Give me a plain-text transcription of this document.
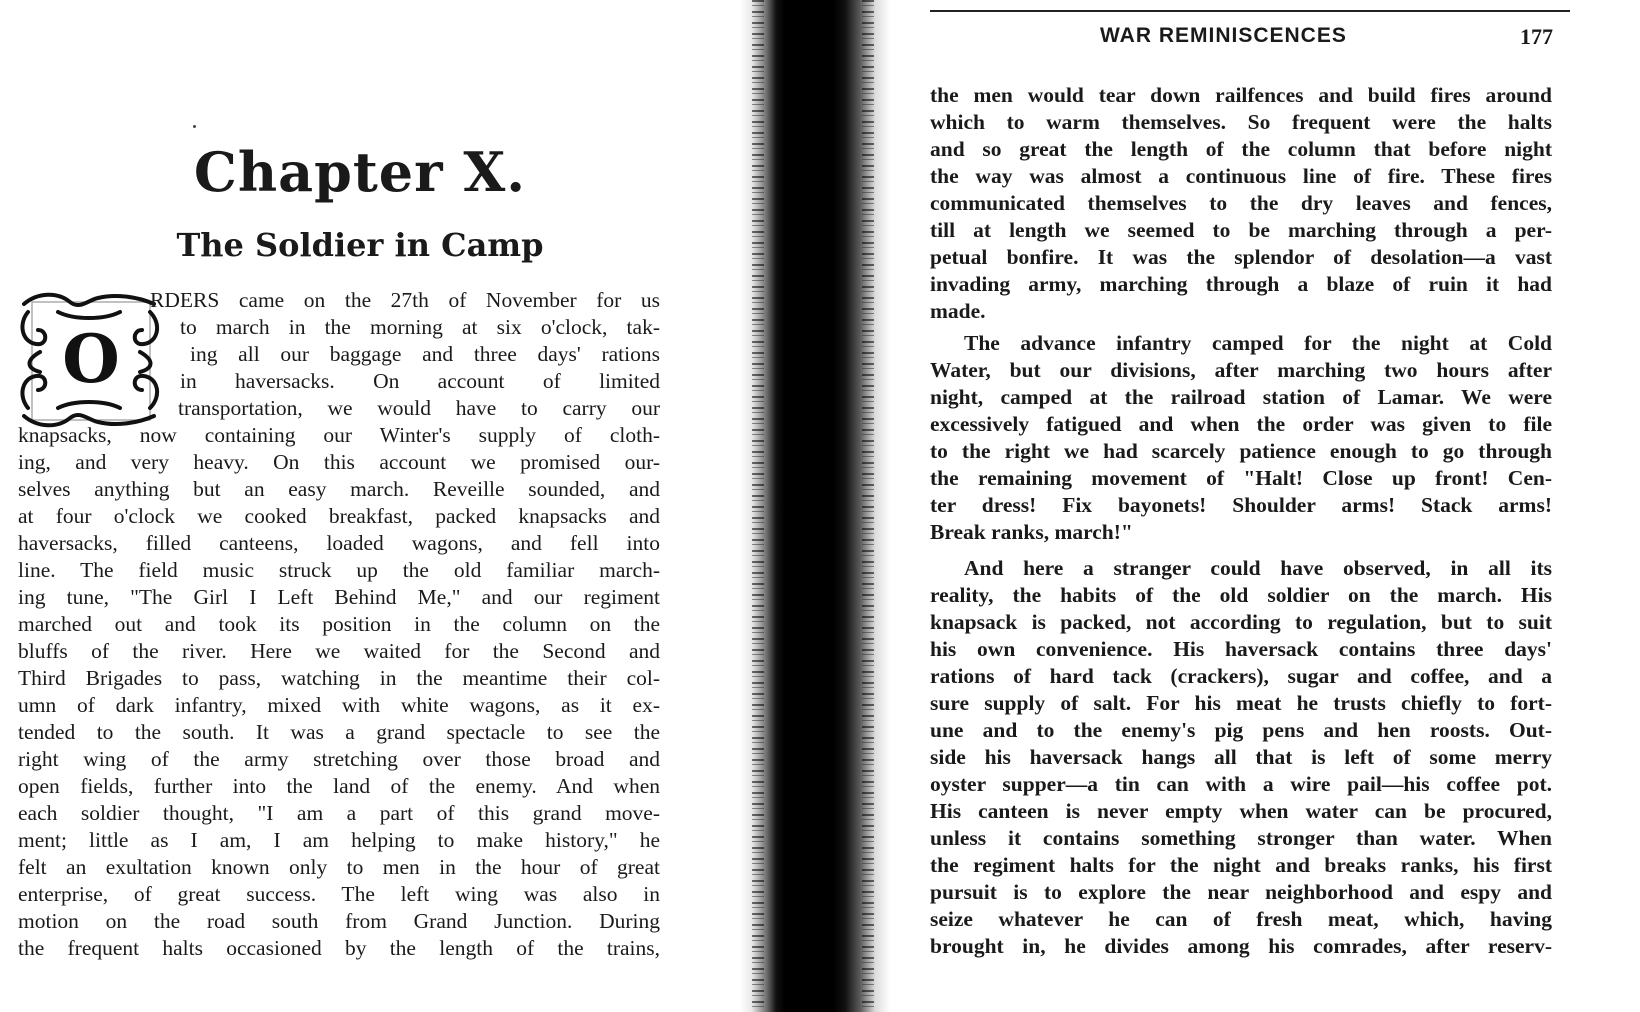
Chapter X.
The Soldier in Camp
O

RDERS came on the 27th of November for us

to march in the morning at six o'clock, tak-

ing all our baggage and three days' rations

in haversacks. On account of limited

transportation, we would have to carry our

knapsacks, now containing our Winter's supply of cloth-

ing, and very heavy. On this account we promised our-

selves anything but an easy march. Reveille sounded, and

at four o'clock we cooked breakfast, packed knapsacks and

haversacks, filled canteens, loaded wagons, and fell into

line. The field music struck up the old familiar march-

ing tune, "The Girl I Left Behind Me," and our regiment

marched out and took its position in the column on the

bluffs of the river. Here we waited for the Second and

Third Brigades to pass, watching in the meantime their col-

umn of dark infantry, mixed with white wagons, as it ex-

tended to the south. It was a grand spectacle to see the

right wing of the army stretching over those broad and

open fields, further into the land of the enemy. And when

each soldier thought, "I am a part of this grand move-

ment; little as I am, I am helping to make history," he

felt an exultation known only to men in the hour of great

enterprise, of great success. The left wing was also in

motion on the road south from Grand Junction. During

the frequent halts occasioned by the length of the trains,

WAR REMINISCENCES	177

the men would tear down railfences and build fires around

which to warm themselves. So frequent were the halts

and so great the length of the column that before night

the way was almost a continuous line of fire. These fires

communicated themselves to the dry leaves and fences,

till at length we seemed to be marching through a per-

petual bonfire. It was the splendor of desolation—a vast

invading army, marching through a blaze of ruin it had

made.

The advance infantry camped for the night at Cold

Water, but our divisions, after marching two hours after

night, camped at the railroad station of Lamar. We were

excessively fatigued and when the order was given to file

to the right we had scarcely patience enough to go through

the remaining movement of "Halt! Close up front! Cen-

ter dress! Fix bayonets! Shoulder arms! Stack arms!

Break ranks, march!"

And here a stranger could have observed, in all its

reality, the habits of the old soldier on the march. His

knapsack is packed, not according to regulation, but to suit

his own convenience. His haversack contains three days'

rations of hard tack (crackers), sugar and coffee, and a

sure supply of salt. For his meat he trusts chiefly to fort-

une and to the enemy's pig pens and hen roosts. Out-

side his haversack hangs all that is left of some merry

oyster supper—a tin can with a wire pail—his coffee pot.

His canteen is never empty when water can be procured,

unless it contains something stronger than water. When

the regiment halts for the night and breaks ranks, his first

pursuit is to explore the near neighborhood and espy and

seize whatever he can of fresh meat, which, having

brought in, he divides among his comrades, after reserv-
